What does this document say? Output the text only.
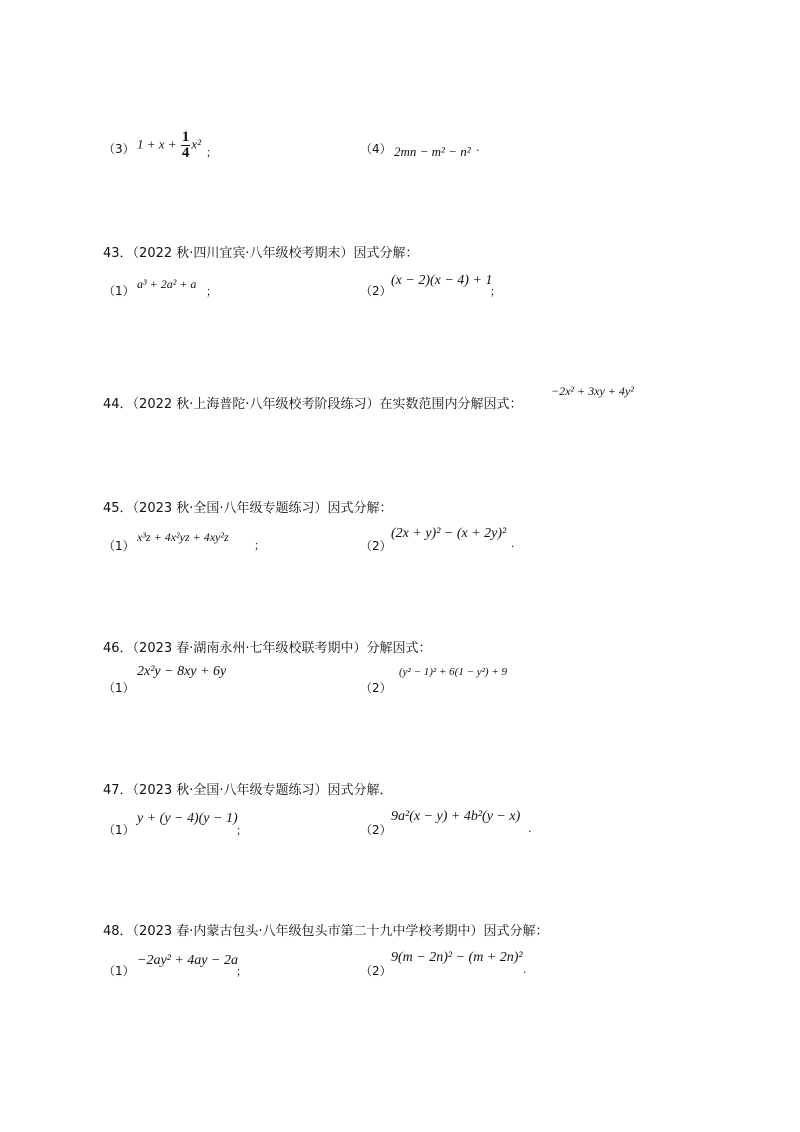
（3） $1 + x + \frac{1}{4} x^2$
；	（4） 2mn − m² − n² ·
43．（2022 秋·四川宜宾·八年级校考期末）因式分解：
（1） a³ + 2a² + a
；	（2）
(x − 2)(x − 4) + 1
；
44．（2022 秋·上海普陀·八年级校考阶段练习）在实数范围内分解因式：
−2x² + 3xy + 4y²
45．（2023 秋·全国·八年级专题练习）因式分解：
（1）
x³z + 4x²yz + 4xy²z
；	（2）
(2x + y)² − (x + 2y)²
.
46．（2023 春·湖南永州·七年级校联考期中）分解因式：
（1）
2x²y − 8xy + 6y
（2）
(y² − 1)² + 6(1 − y²) + 9
47．（2023 秋·全国·八年级专题练习）因式分解．
（1）
y + (y − 4)(y − 1)
；	（2）
9a²(x − y) + 4b²(y − x)
.
48．（2023 春·内蒙古包头·八年级包头市第二十九中学校考期中）因式分解：
（1）
−2ay² + 4ay − 2a
；	（2）
9(m − 2n)² − (m + 2n)²
.
